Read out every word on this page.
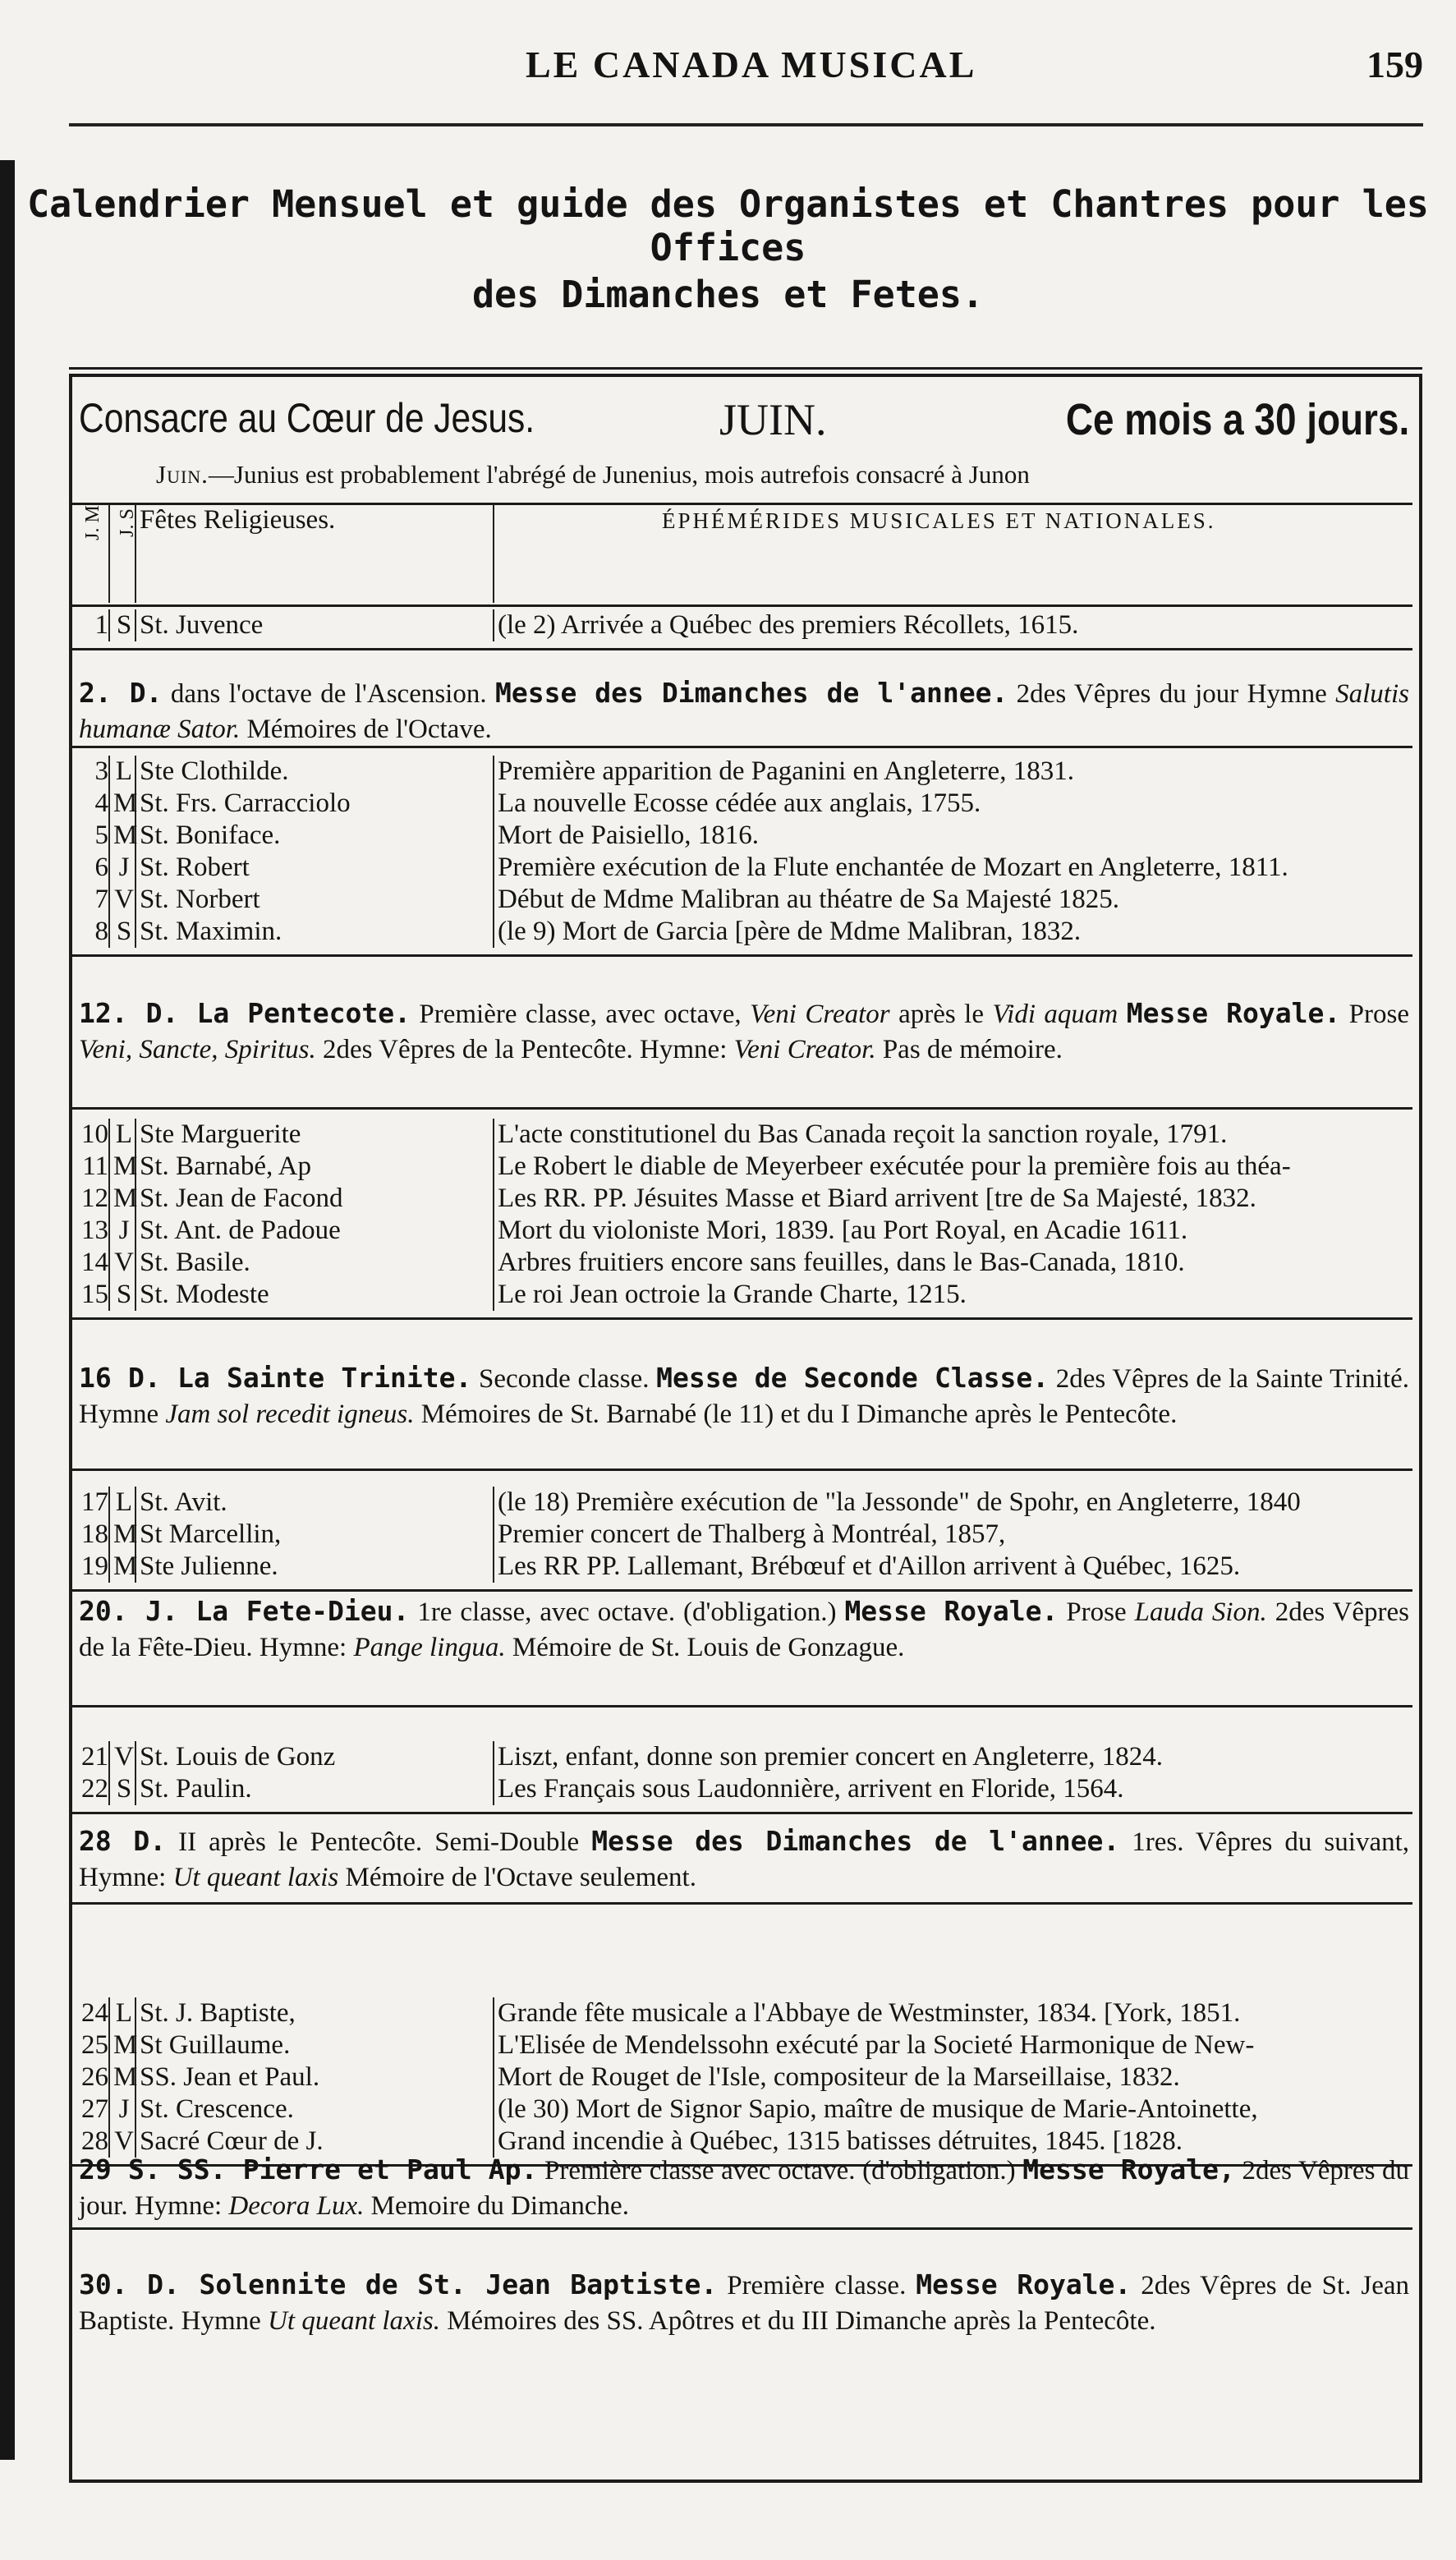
LE CANADA MUSICAL	159
Calendrier Mensuel et guide des Organistes et Chantres pour les Offices
des Dimanches et Fetes.
Consacre au Cœur de Jesus.	JUIN.	Ce mois a 30 jours.
Juin.—Junius est probablement l'abrégé de Junenius, mois autrefois consacré à Junon
J. M	J. S	Fêtes Religieuses.	ÉPHÉMÉRIDES MUSICALES ET NATIONALES.
1	S	St. Juvence	(le 2) Arrivée a Québec des premiers Récollets, 1615.
2. D. dans l'octave de l'Ascension. Messe des Dimanches de l'annee. 2des Vêpres du jour Hymne Salutis humanæ Sator. Mémoires de l'Octave.
3	L	Ste Clothilde.	Première apparition de Paganini en Angleterre, 1831.
4	M	St. Frs. Carracciolo	La nouvelle Ecosse cédée aux anglais, 1755.
5	M	St. Boniface.	Mort de Paisiello, 1816.
6	J	St. Robert	Première exécution de la Flute enchantée de Mozart en Angleterre, 1811.
7	V	St. Norbert	Début de Mdme Malibran au théatre de Sa Majesté 1825.
8	S	St. Maximin.	(le 9) Mort de Garcia [père de Mdme Malibran, 1832.
12. D. La Pentecote. Première classe, avec octave, Veni Creator après le Vidi aquam Messe Royale. Prose Veni, Sancte, Spiritus. 2des Vêpres de la Pentecôte. Hymne: Veni Creator. Pas de mémoire.
10	L	Ste Marguerite	L'acte constitutionel du Bas Canada reçoit la sanction royale, 1791.
11	M	St. Barnabé, Ap	Le Robert le diable de Meyerbeer exécutée pour la première fois au théa-
12	M	St. Jean de Facond	Les RR. PP. Jésuites Masse et Biard arrivent [tre de Sa Majesté, 1832.
13	J	St. Ant. de Padoue	Mort du violoniste Mori, 1839. [au Port Royal, en Acadie 1611.
14	V	St. Basile.	Arbres fruitiers encore sans feuilles, dans le Bas-Canada, 1810.
15	S	St. Modeste	Le roi Jean octroie la Grande Charte, 1215.
16 D. La Sainte Trinite. Seconde classe. Messe de Seconde Classe. 2des Vêpres de la Sainte Trinité. Hymne Jam sol recedit igneus. Mémoires de St. Barnabé (le 11) et du I Dimanche après le Pentecôte.
17	L	St. Avit.	(le 18) Première exécution de "la Jessonde" de Spohr, en Angleterre, 1840
18	M	St Marcellin,	Premier concert de Thalberg à Montréal, 1857,
19	M	Ste Julienne.	Les RR PP. Lallemant, Brébœuf et d'Aillon arrivent à Québec, 1625.
20. J. La Fete-Dieu. 1re classe, avec octave. (d'obligation.) Messe Royale. Prose Lauda Sion. 2des Vêpres de la Fête-Dieu. Hymne: Pange lingua. Mémoire de St. Louis de Gonzague.
21	V	St. Louis de Gonz	Liszt, enfant, donne son premier concert en Angleterre, 1824.
22	S	St. Paulin.	Les Français sous Laudonnière, arrivent en Floride, 1564.
28 D. II après le Pentecôte. Semi-Double Messe des Dimanches de l'annee. 1res. Vêpres du suivant, Hymne: Ut queant laxis Mémoire de l'Octave seulement.
24	L	St. J. Baptiste,	Grande fête musicale a l'Abbaye de Westminster, 1834. [York, 1851.
25	M	St Guillaume.	L'Elisée de Mendelssohn exécuté par la Societé Harmonique de New-
26	M	SS. Jean et Paul.	Mort de Rouget de l'Isle, compositeur de la Marseillaise, 1832.
27	J	St. Crescence.	(le 30) Mort de Signor Sapio, maître de musique de Marie-Antoinette,
28	V	Sacré Cœur de J.	Grand incendie à Québec, 1315 batisses détruites, 1845. [1828.
29 S. SS. Pierre et Paul Ap. Première classe avec octave. (d'obligation.) Messe Royale, 2des Vêpres du jour. Hymne: Decora Lux. Memoire du Dimanche.
30. D. Solennite de St. Jean Baptiste. Première classe. Messe Royale. 2des Vêpres de St. Jean Baptiste. Hymne Ut queant laxis. Mémoires des SS. Apôtres et du III Dimanche après la Pentecôte.
